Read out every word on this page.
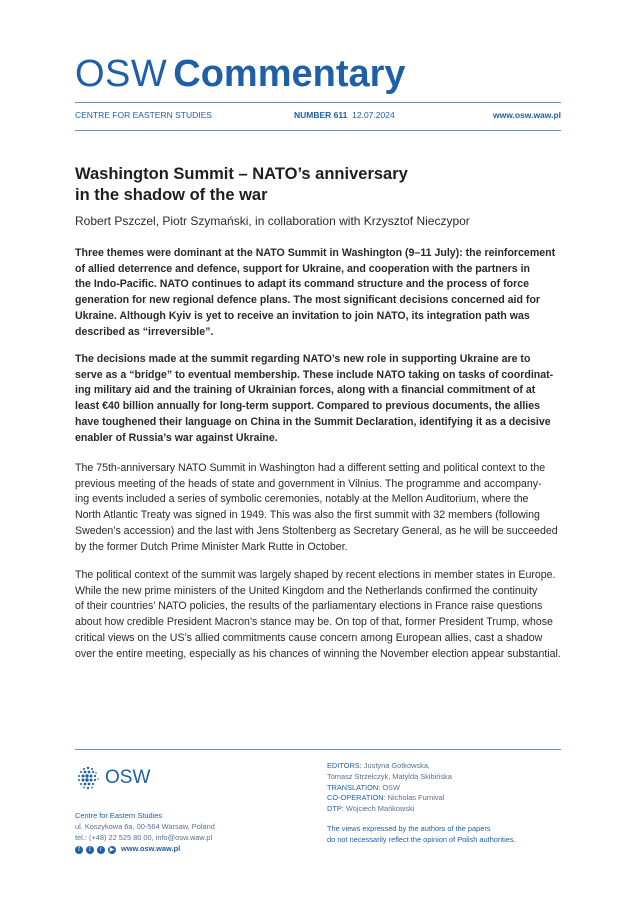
OSW Commentary
CENTRE FOR EASTERN STUDIES	NUMBER 611 12.07.2024	www.osw.waw.pl
Washington Summit – NATO’s anniversary
in the shadow of the war
Robert Pszczel, Piotr Szymański, in collaboration with Krzysztof Nieczypor
Three themes were dominant at the NATO Summit in Washington (9–11 July): the reinforcement
of allied deterrence and defence, support for Ukraine, and cooperation with the partners in
the Indo-Pacific. NATO continues to adapt its command structure and the process of force
generation for new regional defence plans. The most significant decisions concerned aid for
Ukraine. Although Kyiv is yet to receive an invitation to join NATO, its integration path was
described as “irreversible”.
The decisions made at the summit regarding NATO’s new role in supporting Ukraine are to
serve as a “bridge” to eventual membership. These include NATO taking on tasks of coordinat-
ing military aid and the training of Ukrainian forces, along with a financial commitment of at
least €40 billion annually for long-term support. Compared to previous documents, the allies
have toughened their language on China in the Summit Declaration, identifying it as a decisive
enabler of Russia’s war against Ukraine.
The 75th-anniversary NATO Summit in Washington had a different setting and political context to the
previous meeting of the heads of state and government in Vilnius. The programme and accompany-
ing events included a series of symbolic ceremonies, notably at the Mellon Auditorium, where the
North Atlantic Treaty was signed in 1949. This was also the first summit with 32 members (following
Sweden’s accession) and the last with Jens Stoltenberg as Secretary General, as he will be succeeded
by the former Dutch Prime Minister Mark Rutte in October.
The political context of the summit was largely shaped by recent elections in member states in Europe.
While the new prime ministers of the United Kingdom and the Netherlands confirmed the continuity
of their countries’ NATO policies, the results of the parliamentary elections in France raise questions
about how credible President Macron’s stance may be. On top of that, former President Trump, whose
critical views on the US’s allied commitments cause concern among European allies, cast a shadow
over the entire meeting, especially as his chances of winning the November election appear substantial.
OSW
Centre for Eastern Studies
ul. Koszykowa 6a, 00-564 Warsaw, Poland
tel.: (+48) 22 525 80 00, info@osw.waw.pl
f	t	r	▶ www.osw.waw.pl
EDITORS: Justyna Gotkowska,
Tomasz Strzelczyk, Matylda Skibińska
TRANSLATION: OSW
CO-OPERATION: Nicholas Furnival
DTP: Wojciech Mańkowski
The views expressed by the authors of the papers
do not necessarily reflect the opinion of Polish authorities.
